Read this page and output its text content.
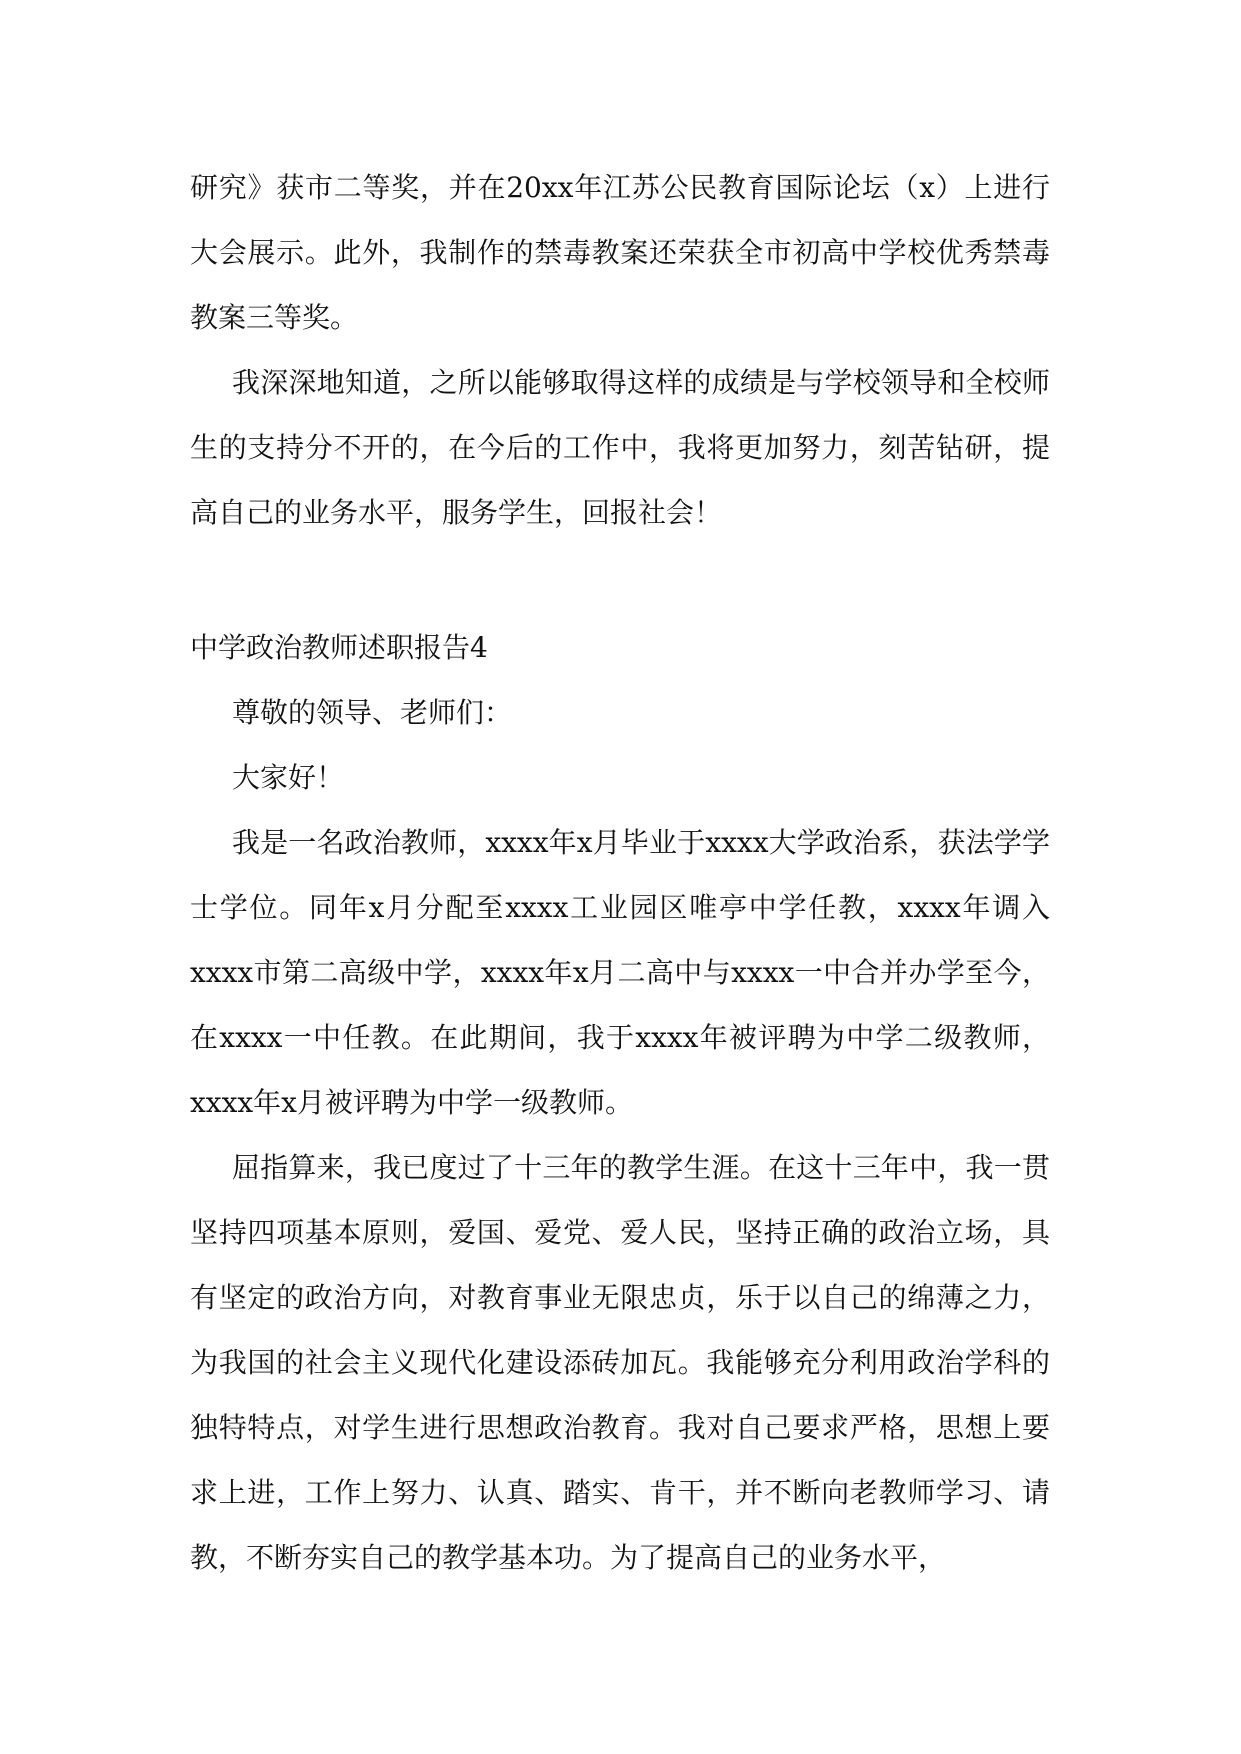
研究》获市二等奖，并在20xx年江苏公民教育国际论坛（x）上进行大会展示。此外，我制作的禁毒教案还荣获全市初高中学校优秀禁毒教案三等奖。

我深深地知道，之所以能够取得这样的成绩是与学校领导和全校师生的支持分不开的，在今后的工作中，我将更加努力，刻苦钻研，提高自己的业务水平，服务学生，回报社会！

中学政治教师述职报告4

尊敬的领导、老师们：

大家好！

我是一名政治教师，xxxx年x月毕业于xxxx大学政治系，获法学学士学位。同年x月分配至xxxx工业园区唯亭中学任教，xxxx年调入xxxx市第二高级中学，xxxx年x月二高中与xxxx一中合并办学至今，在xxxx一中任教。在此期间，我于xxxx年被评聘为中学二级教师，xxxx年x月被评聘为中学一级教师。

屈指算来，我已度过了十三年的教学生涯。在这十三年中，我一贯坚持四项基本原则，爱国、爱党、爱人民，坚持正确的政治立场，具有坚定的政治方向，对教育事业无限忠贞，乐于以自己的绵薄之力，为我国的社会主义现代化建设添砖加瓦。我能够充分利用政治学科的独特特点，对学生进行思想政治教育。我对自己要求严格，思想上要求上进，工作上努力、认真、踏实、肯干，并不断向老教师学习、请教，不断夯实自己的教学基本功。为了提高自己的业务水平，
